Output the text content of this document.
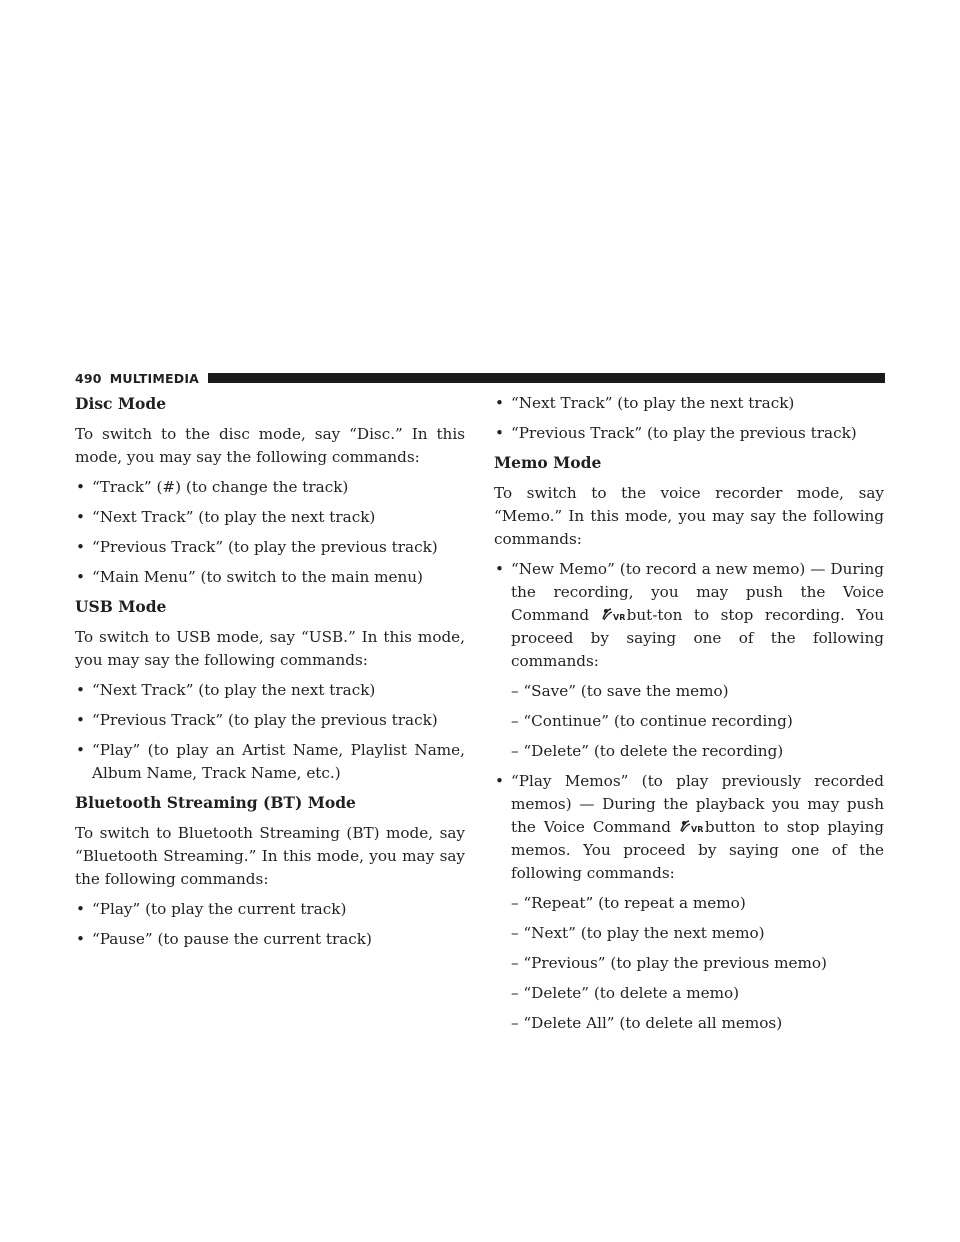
490 MULTIMEDIA
Disc Mode

To switch to the disc mode, say “Disc.” In this mode, you may say the following commands:

• “Track” (#) (to change the track)
• “Next Track” (to play the next track)
• “Previous Track” (to play the previous track)
• “Main Menu” (to switch to the main menu)
USB Mode

To switch to USB mode, say “USB.” In this mode, you may say the following commands:

• “Next Track” (to play the next track)
• “Previous Track” (to play the previous track)
• “Play” (to play an Artist Name, Playlist Name, Album Name, Track Name, etc.)
Bluetooth Streaming (BT) Mode

To switch to Bluetooth Streaming (BT) mode, say “Bluetooth Streaming.” In this mode, you may say the following commands:

• “Play” (to play the current track)
• “Pause” (to pause the current track)
• “Next Track” (to play the next track)
• “Previous Track” (to play the previous track)
Memo Mode

To switch to the voice recorder mode, say “Memo.” In this mode, you may say the following commands:

• “New Memo” (to record a new memo) — During the recording, you may push the Voice Command VR but-ton to stop recording. You proceed by saying one of the following commands:
– “Save” (to save the memo)
– “Continue” (to continue recording)
– “Delete” (to delete the recording)
• “Play Memos” (to play previously recorded memos) — During the playback you may push the Voice Command VR button to stop playing memos. You proceed by saying one of the following commands:
– “Repeat” (to repeat a memo)
– “Next” (to play the next memo)
– “Previous” (to play the previous memo)
– “Delete” (to delete a memo)
– “Delete All” (to delete all memos)
